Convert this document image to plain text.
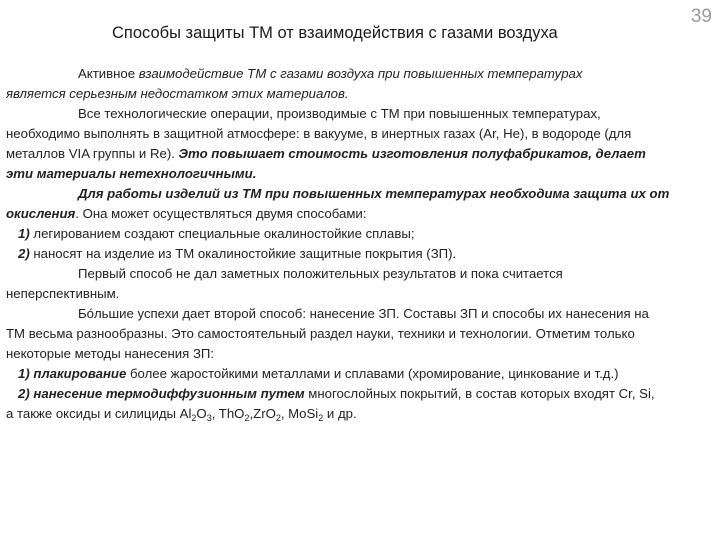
39
Способы защиты ТМ от взаимодействия с газами воздуха
Активное взаимодействие ТМ с газами воздуха при повышенных температурах
является серьезным недостатком этих материалов.
Все технологические операции, производимые с ТМ при повышенных температурах,
необходимо выполнять в защитной атмосфере: в вакууме, в инертных газах (Ar, He), в водороде (для
металлов VIA группы и Re). Это повышает стоимость изготовления полуфабрикатов, делает
эти материалы нетехнологичными.
Для работы изделий из ТМ при повышенных температурах необходима защита их от
окисления. Она может осуществляться двумя способами:
1) легированием создают специальные окалиностойкие сплавы;
2) наносят на изделие из ТМ окалиностойкие защитные покрытия (ЗП).
Первый способ не дал заметных положительных результатов и пока считается
неперспективным.
Бóльшие успехи дает второй способ: нанесение ЗП. Составы ЗП и способы их нанесения на
ТМ весьма разнообразны. Это самостоятельный раздел науки, техники и технологии. Отметим только
некоторые методы нанесения ЗП:
1) плакирование более жаростойкими металлами и сплавами (хромирование, цинкование и т.д.)
2) нанесение термодиффузионным путем многослойных покрытий, в состав которых входят Cr, Si,
а также оксиды и силициды $Al_2O_3$, ThO$_2$,ZrO$_2$, MoSi$_2$ и др.
